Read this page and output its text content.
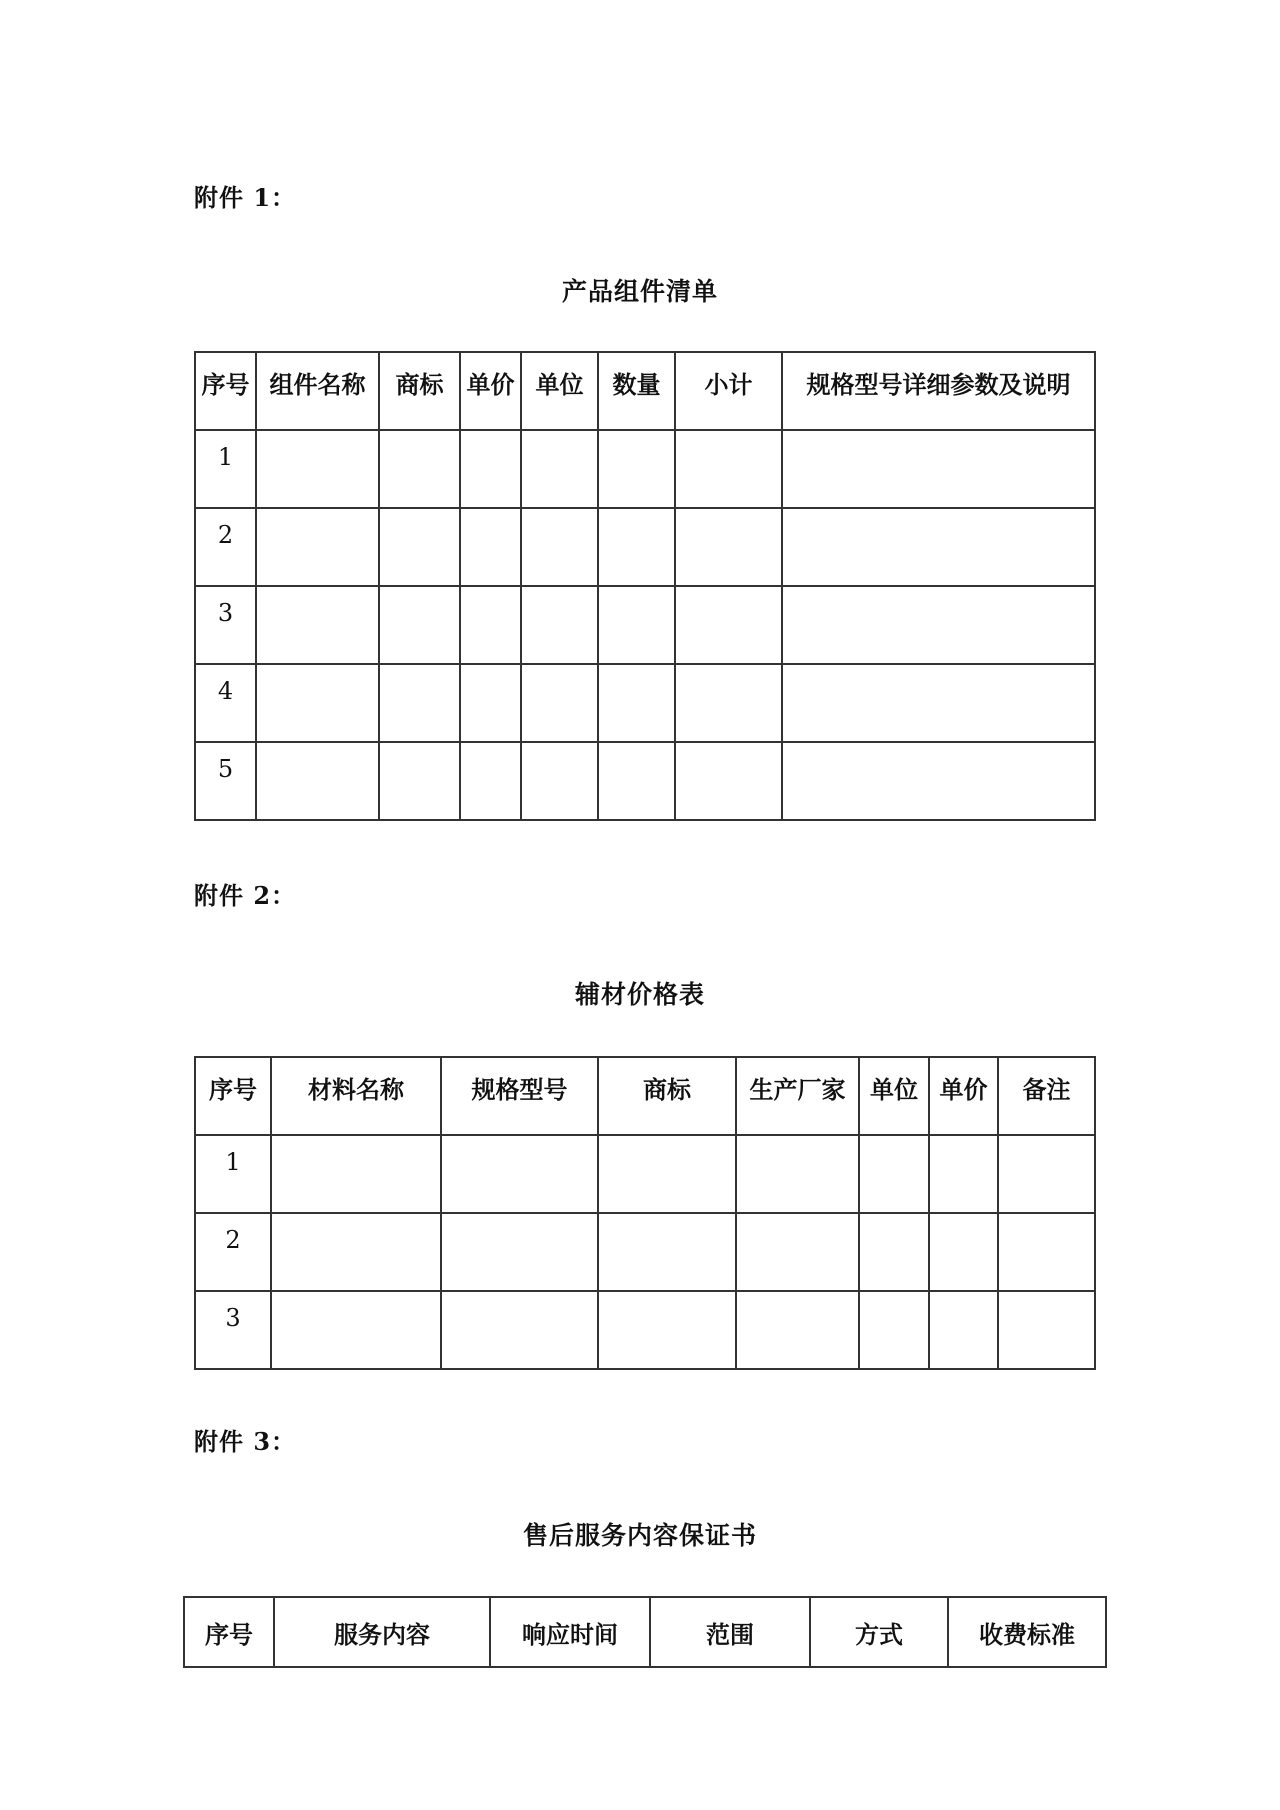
附件 1：
产品组件清单
序号	组件名称	商标	单价	单位	数量	小计	规格型号详细参数及说明
1							
2							
3							
4							
5							
附件 2：
辅材价格表
序号	材料名称	规格型号	商标	生产厂家	单位	单价	备注
1							
2							
3							
附件 3：
售后服务内容保证书
序号	服务内容	响应时间	范围	方式	收费标准
